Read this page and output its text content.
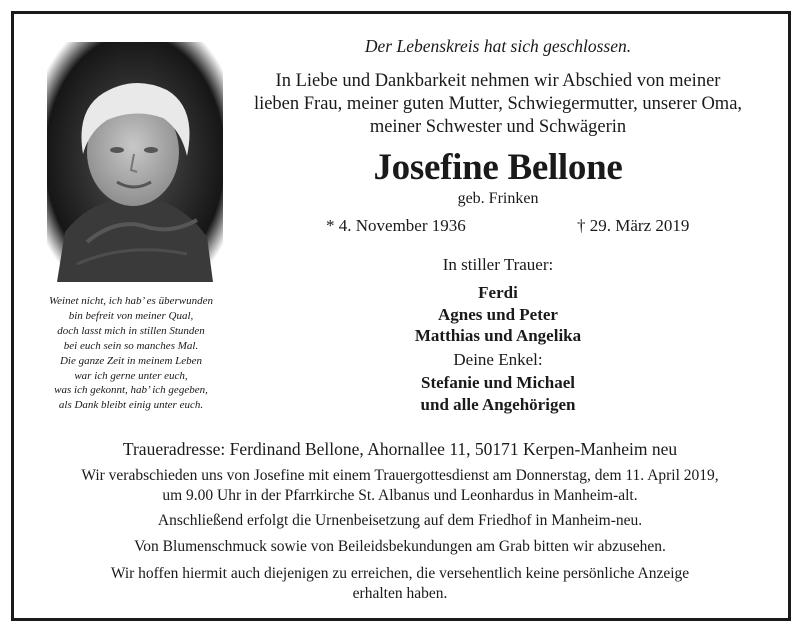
Weinet nicht, ich hab’ es überwunden
bin befreit von meiner Qual,
doch lasst mich in stillen Stunden
bei euch sein so manches Mal.
Die ganze Zeit in meinem Leben
war ich gerne unter euch,
was ich gekonnt, hab’ ich gegeben,
als Dank bleibt einig unter euch.
Der Lebenskreis hat sich geschlossen.
In Liebe und Dankbarkeit nehmen wir Abschied von meiner
lieben Frau, meiner guten Mutter, Schwiegermutter, unserer Oma,
meiner Schwester und Schwägerin
Josefine Bellone
geb. Frinken
* 4. November 1936	† 29. März 2019
In stiller Trauer:
Ferdi
Agnes und Peter
Matthias und Angelika
Deine Enkel:
Stefanie und Michael
und alle Angehörigen
Traueradresse: Ferdinand Bellone, Ahornallee 11, 50171 Kerpen-Manheim neu
Wir verabschieden uns von Josefine mit einem Trauergottesdienst am Donnerstag, dem 11. April 2019,
um 9.00 Uhr in der Pfarrkirche St. Albanus und Leonhardus in Manheim-alt.
Anschließend erfolgt die Urnenbeisetzung auf dem Friedhof in Manheim-neu.
Von Blumenschmuck sowie von Beileidsbekundungen am Grab bitten wir abzusehen.
Wir hoffen hiermit auch diejenigen zu erreichen, die versehentlich keine persönliche Anzeige
erhalten haben.
